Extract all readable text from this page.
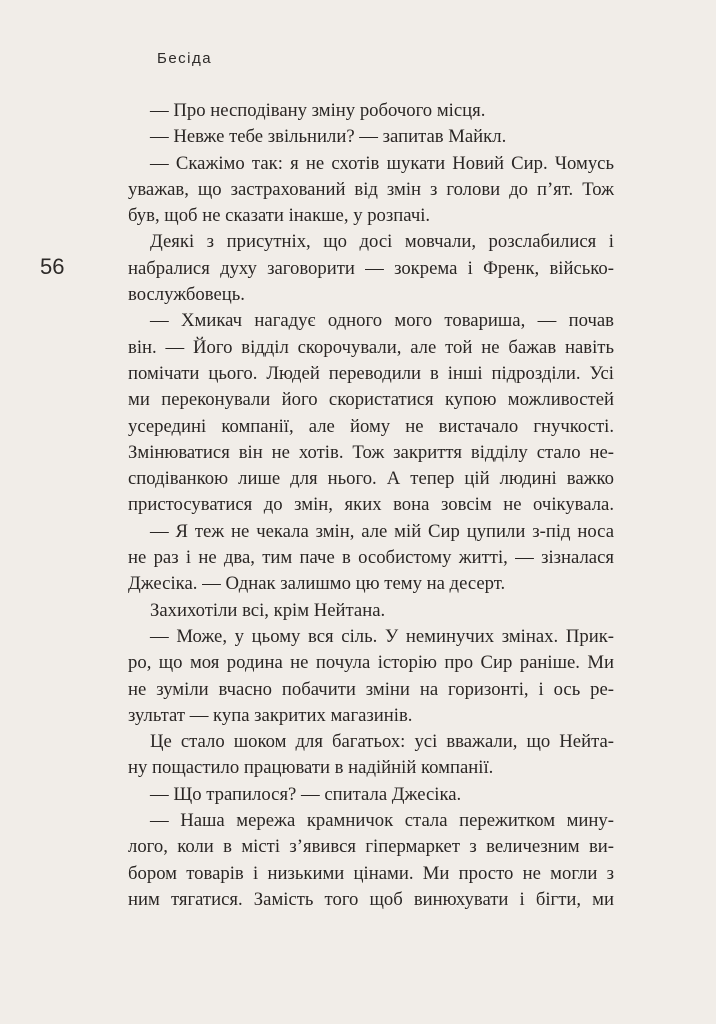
Бесіда
56
— Про несподівану зміну робочого місця.
— Невже тебе звільнили? — запитав Майкл.
— Скажімо так: я не схотів шукати Новий Сир. Чомусь
уважав, що застрахований від змін з голови до п’ят. Тож
був, щоб не сказати інакше, у розпачі.
Деякі з присутніх, що досі мовчали, розслабилися і
набралися духу заговорити — зокрема і Френк, військо-
вослужбовець.
— Хмикач нагадує одного мого товариша, — почав
він. — Його відділ скорочували, але той не бажав навіть
помічати цього. Людей переводили в інші підрозділи. Усі
ми переконували його скористатися купою можливостей
усередині компанії, але йому не вистачало гнучкості.
Змінюватися він не хотів. Тож закриття відділу стало не-
сподіванкою лише для нього. А тепер цій людині важко
пристосуватися до змін, яких вона зовсім не очікувала.
— Я теж не чекала змін, але мій Сир цупили з-під носа
не раз і не два, тим паче в особистому житті, — зізналася
Джесіка. — Однак залишмо цю тему на десерт.
Захихотіли всі, крім Нейтана.
— Може, у цьому вся сіль. У неминучих змінах. Прик-
ро, що моя родина не почула історію про Сир раніше. Ми
не зуміли вчасно побачити зміни на горизонті, і ось ре-
зультат — купа закритих магазинів.
Це стало шоком для багатьох: усі вважали, що Нейта-
ну пощастило працювати в надійній компанії.
— Що трапилося? — спитала Джесіка.
— Наша мережа крамничок стала пережитком мину-
лого, коли в місті з’явився гіпермаркет з величезним ви-
бором товарів і низькими цінами. Ми просто не могли з
ним тягатися. Замість того щоб винюхувати і бігти, ми
